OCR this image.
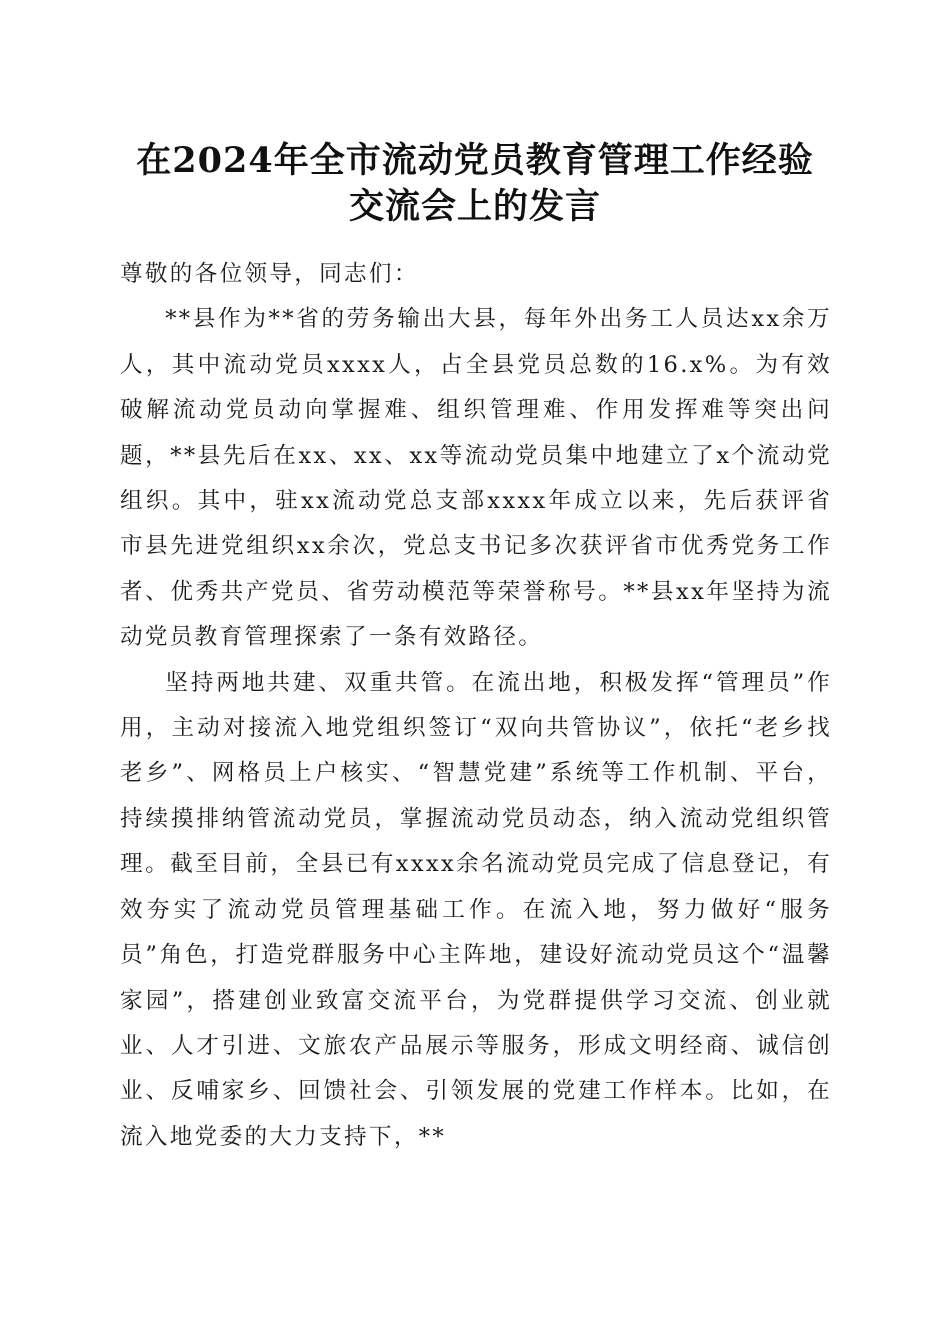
在2024年全市流动党员教育管理工作经验交流会上的发言

尊敬的各位领导，同志们：

**县作为**省的劳务输出大县，每年外出务工人员达xx余万人，其中流动党员xxxx人，占全县党员总数的16.x%。为有效破解流动党员动向掌握难、组织管理难、作用发挥难等突出问题，**县先后在xx、xx、xx等流动党员集中地建立了x个流动党组织。其中，驻xx流动党总支部xxxx年成立以来，先后获评省市县先进党组织xx余次，党总支书记多次获评省市优秀党务工作者、优秀共产党员、省劳动模范等荣誉称号。**县xx年坚持为流动党员教育管理探索了一条有效路径。

坚持两地共建、双重共管。在流出地，积极发挥“管理员”作用，主动对接流入地党组织签订“双向共管协议”，依托“老乡找老乡”、网格员上户核实、“智慧党建”系统等工作机制、平台，持续摸排纳管流动党员，掌握流动党员动态，纳入流动党组织管理。截至目前，全县已有xxxx余名流动党员完成了信息登记，有效夯实了流动党员管理基础工作。在流入地，努力做好“服务员”角色，打造党群服务中心主阵地，建设好流动党员这个“温馨家园”，搭建创业致富交流平台，为党群提供学习交流、创业就业、人才引进、文旅农产品展示等服务，形成文明经商、诚信创业、反哺家乡、回馈社会、引领发展的党建工作样本。比如，在流入地党委的大力支持下，**
